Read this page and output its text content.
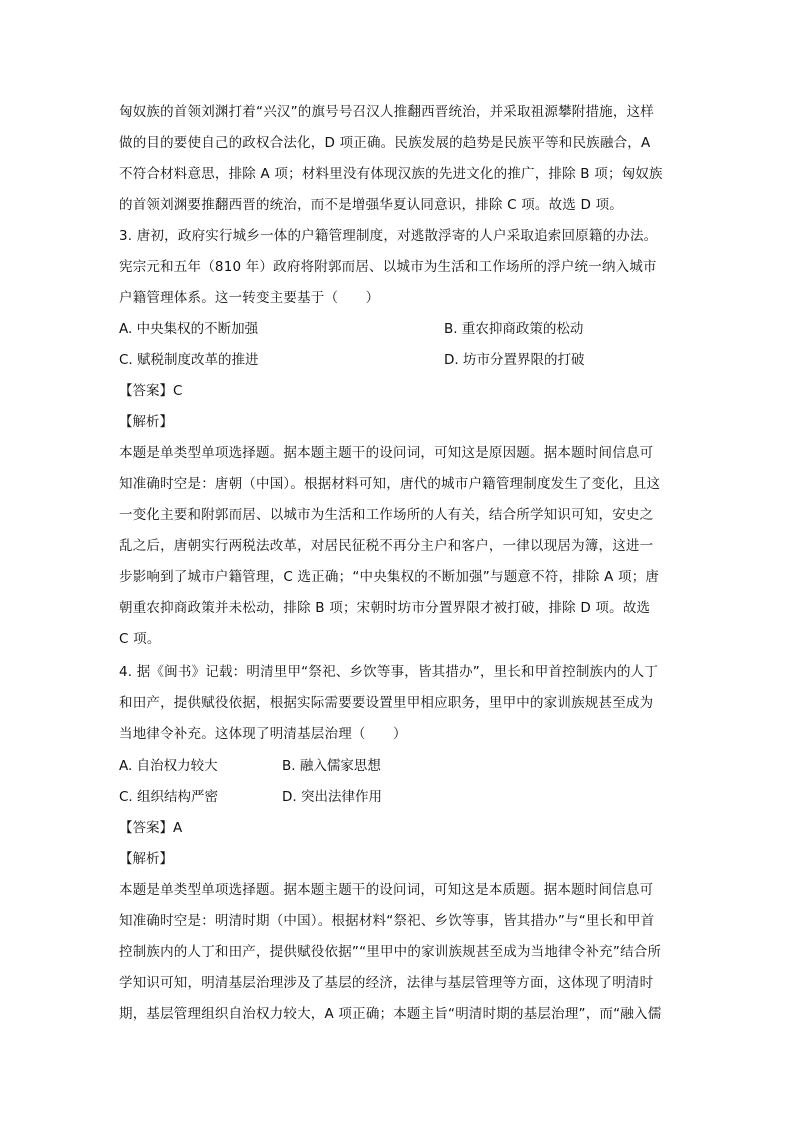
匈奴族的首领刘渊打着“兴汉”的旗号号召汉人推翻西晋统治，并采取祖源攀附措施，这样
做的目的要使自己的政权合法化，D 项正确。民族发展的趋势是民族平等和民族融合，A
不符合材料意思，排除 A 项；材料里没有体现汉族的先进文化的推广，排除 B 项；匈奴族
的首领刘渊要推翻西晋的统治，而不是增强华夏认同意识，排除 C 项。故选 D 项。
3. 唐初，政府实行城乡一体的户籍管理制度，对逃散浮寄的人户采取追索回原籍的办法。
宪宗元和五年（810 年）政府将附郭而居、以城市为生活和工作场所的浮户统一纳入城市
户籍管理体系。这一转变主要基于（　　）
A. 中央集权的不断加强	B. 重农抑商政策的松动
C. 赋税制度改革的推进	D. 坊市分置界限的打破
【答案】C
【解析】
本题是单类型单项选择题。据本题主题干的设问词，可知这是原因题。据本题时间信息可
知准确时空是：唐朝（中国）。根据材料可知，唐代的城市户籍管理制度发生了变化，且这
一变化主要和附郭而居、以城市为生活和工作场所的人有关，结合所学知识可知，安史之
乱之后，唐朝实行两税法改革，对居民征税不再分主户和客户，一律以现居为簿，这进一
步影响到了城市户籍管理，C 选正确；“中央集权的不断加强”与题意不符，排除 A 项；唐
朝重农抑商政策并未松动，排除 B 项；宋朝时坊市分置界限才被打破，排除 D 项。故选
C 项。
4. 据《闽书》记载：明清里甲“祭祀、乡饮等事，皆其措办”，里长和甲首控制族内的人丁
和田产，提供赋役依据，根据实际需要要设置里甲相应职务，里甲中的家训族规甚至成为
当地律令补充。这体现了明清基层治理（　　）
A. 自治权力较大	B. 融入儒家思想
C. 组织结构严密	D. 突出法律作用
【答案】A
【解析】
本题是单类型单项选择题。据本题主题干的设问词，可知这是本质题。据本题时间信息可
知准确时空是：明清时期（中国）。根据材料“祭祀、乡饮等事，皆其措办”与“里长和甲首
控制族内的人丁和田产，提供赋役依据”“里甲中的家训族规甚至成为当地律令补充”结合所
学知识可知，明清基层治理涉及了基层的经济，法律与基层管理等方面，这体现了明清时
期，基层管理组织自治权力较大，A 项正确；本题主旨“明清时期的基层治理”，而“融入儒
